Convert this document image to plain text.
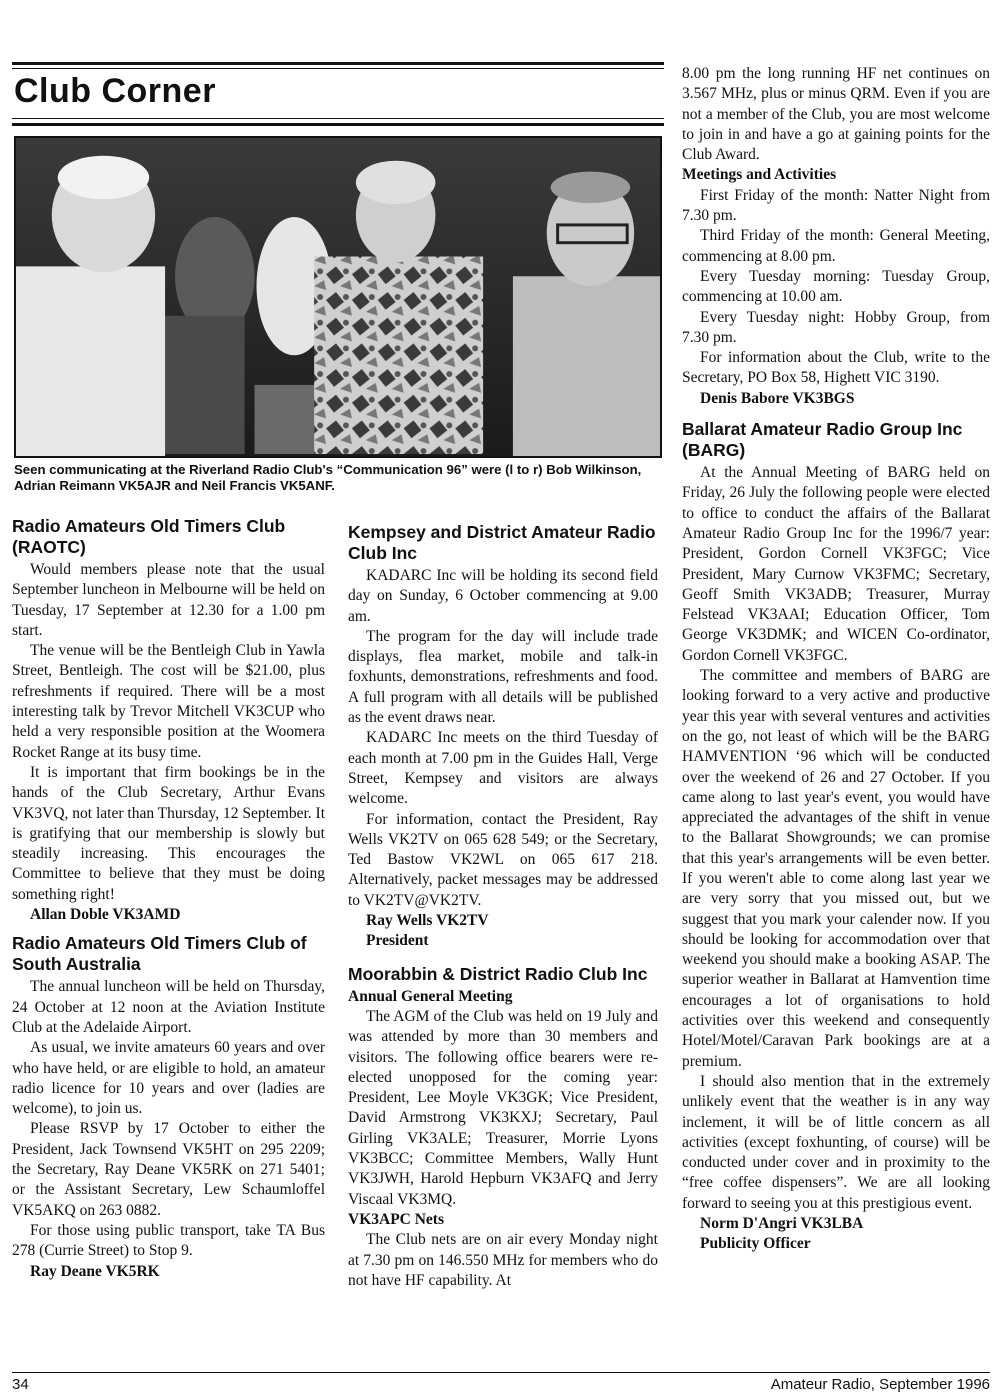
Club Corner
Seen communicating at the Riverland Radio Club's “Communication 96” were (l to r) Bob Wilkinson, Adrian Reimann VK5AJR and Neil Francis VK5ANF.
Radio Amateurs Old Timers Club (RAOTC)

Would members please note that the usual September luncheon in Melbourne will be held on Tuesday, 17 September at 12.30 for a 1.00 pm start.

The venue will be the Bentleigh Club in Yawla Street, Bentleigh. The cost will be $21.00, plus refreshments if required. There will be a most interesting talk by Trevor Mitchell VK3CUP who held a very responsible position at the Woomera Rocket Range at its busy time.

It is important that firm bookings be in the hands of the Club Secretary, Arthur Evans VK3VQ, not later than Thursday, 12 September. It is gratifying that our membership is slowly but steadily increasing. This encourages the Committee to believe that they must be doing something right!

Allan Doble VK3AMD

Radio Amateurs Old Timers Club of South Australia

The annual luncheon will be held on Thursday, 24 October at 12 noon at the Aviation Institute Club at the Adelaide Airport.

As usual, we invite amateurs 60 years and over who have held, or are eligible to hold, an amateur radio licence for 10 years and over (ladies are welcome), to join us.

Please RSVP by 17 October to either the President, Jack Townsend VK5HT on 295 2209; the Secretary, Ray Deane VK5RK on 271 5401; or the Assistant Secretary, Lew Schaumloffel VK5AKQ on 263 0882.

For those using public transport, take TA Bus 278 (Currie Street) to Stop 9.

Ray Deane VK5RK

Kempsey and District Amateur Radio Club Inc

KADARC Inc will be holding its second field day on Sunday, 6 October commencing at 9.00 am.

The program for the day will include trade displays, flea market, mobile and talk-in foxhunts, demonstrations, refreshments and food. A full program with all details will be published as the event draws near.

KADARC Inc meets on the third Tuesday of each month at 7.00 pm in the Guides Hall, Verge Street, Kempsey and visitors are always welcome.

For information, contact the President, Ray Wells VK2TV on 065 628 549; or the Secretary, Ted Bastow VK2WL on 065 617 218. Alternatively, packet messages may be addressed to VK2TV@VK2TV.

Ray Wells VK2TV

President

Moorabbin & District Radio Club Inc
Annual General Meeting

The AGM of the Club was held on 19 July and was attended by more than 30 members and visitors. The following office bearers were re-elected unopposed for the coming year: President, Lee Moyle VK3GK; Vice President, David Armstrong VK3KXJ; Secretary, Paul Girling VK3ALE; Treasurer, Morrie Lyons VK3BCC; Committee Members, Wally Hunt VK3JWH, Harold Hepburn VK3AFQ and Jerry Viscaal VK3MQ.

VK3APC Nets

The Club nets are on air every Monday night at 7.30 pm on 146.550 MHz for members who do not have HF capability. At

8.00 pm the long running HF net continues on 3.567 MHz, plus or minus QRM. Even if you are not a member of the Club, you are most welcome to join in and have a go at gaining points for the Club Award.

Meetings and Activities

First Friday of the month: Natter Night from 7.30 pm.

Third Friday of the month: General Meeting, commencing at 8.00 pm.

Every Tuesday morning: Tuesday Group, commencing at 10.00 am.

Every Tuesday night: Hobby Group, from 7.30 pm.

For information about the Club, write to the Secretary, PO Box 58, Highett VIC 3190.

Denis Babore VK3BGS

Ballarat Amateur Radio Group Inc (BARG)

At the Annual Meeting of BARG held on Friday, 26 July the following people were elected to office to conduct the affairs of the Ballarat Amateur Radio Group Inc for the 1996/7 year: President, Gordon Cornell VK3FGC; Vice President, Mary Curnow VK3FMC; Secretary, Geoff Smith VK3ADB; Treasurer, Murray Felstead VK3AAI; Education Officer, Tom George VK3DMK; and WICEN Co-ordinator, Gordon Cornell VK3FGC.

The committee and members of BARG are looking forward to a very active and productive year this year with several ventures and activities on the go, not least of which will be the BARG HAMVENTION ‘96 which will be conducted over the weekend of 26 and 27 October. If you came along to last year's event, you would have appreciated the advantages of the shift in venue to the Ballarat Showgrounds; we can promise that this year's arrangements will be even better. If you weren't able to come along last year we are very sorry that you missed out, but we suggest that you mark your calender now. If you should be looking for accommodation over that weekend you should make a booking ASAP. The superior weather in Ballarat at Hamvention time encourages a lot of organisations to hold activities over this weekend and consequently Hotel/Motel/Caravan Park bookings are at a premium.

I should also mention that in the extremely unlikely event that the weather is in any way inclement, it will be of little concern as all activities (except foxhunting, of course) will be conducted under cover and in proximity to the “free coffee dispensers”. We are all looking forward to seeing you at this prestigious event.

Norm D'Angri VK3LBA

Publicity Officer

34	Amateur Radio, September 1996
